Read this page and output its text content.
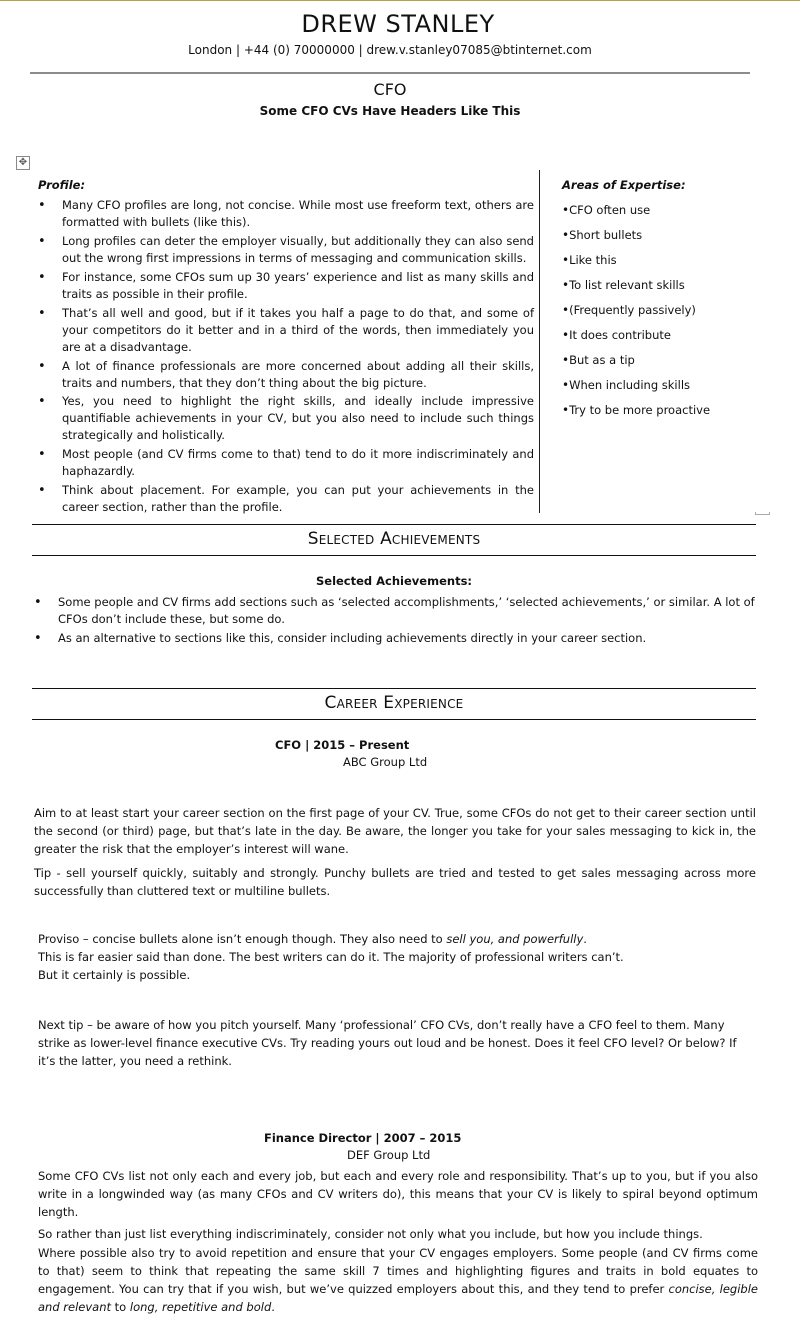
DREW STANLEY
London | +44 (0) 70000000 | drew.v.stanley07085@btinternet.com
CFO
Some CFO CVs Have Headers Like This
✥
Profile:
• Many CFO profiles are long, not concise. While most use freeform text, others are formatted with bullets (like this).
• Long profiles can deter the employer visually, but additionally they can also send out the wrong first impressions in terms of messaging and communication skills.
• For instance, some CFOs sum up 30 years’ experience and list as many skills and traits as possible in their profile.
• That’s all well and good, but if it takes you half a page to do that, and some of your competitors do it better and in a third of the words, then immediately you are at a disadvantage.
• A lot of finance professionals are more concerned about adding all their skills, traits and numbers, that they don’t thing about the big picture.
• Yes, you need to highlight the right skills, and ideally include impressive quantifiable achievements in your CV, but you also need to include such things strategically and holistically.
• Most people (and CV firms come to that) tend to do it more indiscriminately and haphazardly.
• Think about placement. For example, you can put your achievements in the career section, rather than the profile.
Areas of Expertise:
•CFO often use
•Short bullets
•Like this
•To list relevant skills
•(Frequently passively)
•It does contribute
•But as a tip
•When including skills
•Try to be more proactive
Selected Achievements
Selected Achievements:
• Some people and CV firms add sections such as ‘selected accomplishments,’ ‘selected achievements,’ or similar. A lot of CFOs don’t include these, but some do.
• As an alternative to sections like this, consider including achievements directly in your career section.
Career Experience
CFO | 2015 – Present
ABC Group Ltd
Aim to at least start your career section on the first page of your CV. True, some CFOs do not get to their career section until the second (or third) page, but that’s late in the day. Be aware, the longer you take for your sales messaging to kick in, the greater the risk that the employer’s interest will wane.
Tip - sell yourself quickly, suitably and strongly. Punchy bullets are tried and tested to get sales messaging across more successfully than cluttered text or multiline bullets.
Proviso – concise bullets alone isn’t enough though. They also need to sell you, and powerfully.
This is far easier said than done. The best writers can do it. The majority of professional writers can’t.
But it certainly is possible.
Next tip – be aware of how you pitch yourself. Many ‘professional’ CFO CVs, don’t really have a CFO feel to them. Many strike as lower-level finance executive CVs. Try reading yours out loud and be honest. Does it feel CFO level? Or below? If it’s the latter, you need a rethink.
Finance Director | 2007 – 2015
DEF Group Ltd
Some CFO CVs list not only each and every job, but each and every role and responsibility. That’s up to you, but if you also write in a longwinded way (as many CFOs and CV writers do), this means that your CV is likely to spiral beyond optimum length.
So rather than just list everything indiscriminately, consider not only what you include, but how you include things.
Where possible also try to avoid repetition and ensure that your CV engages employers. Some people (and CV firms come to that) seem to think that repeating the same skill 7 times and highlighting figures and traits in bold equates to engagement. You can try that if you wish, but we’ve quizzed employers about this, and they tend to prefer concise, legible and relevant to long, repetitive and bold.
